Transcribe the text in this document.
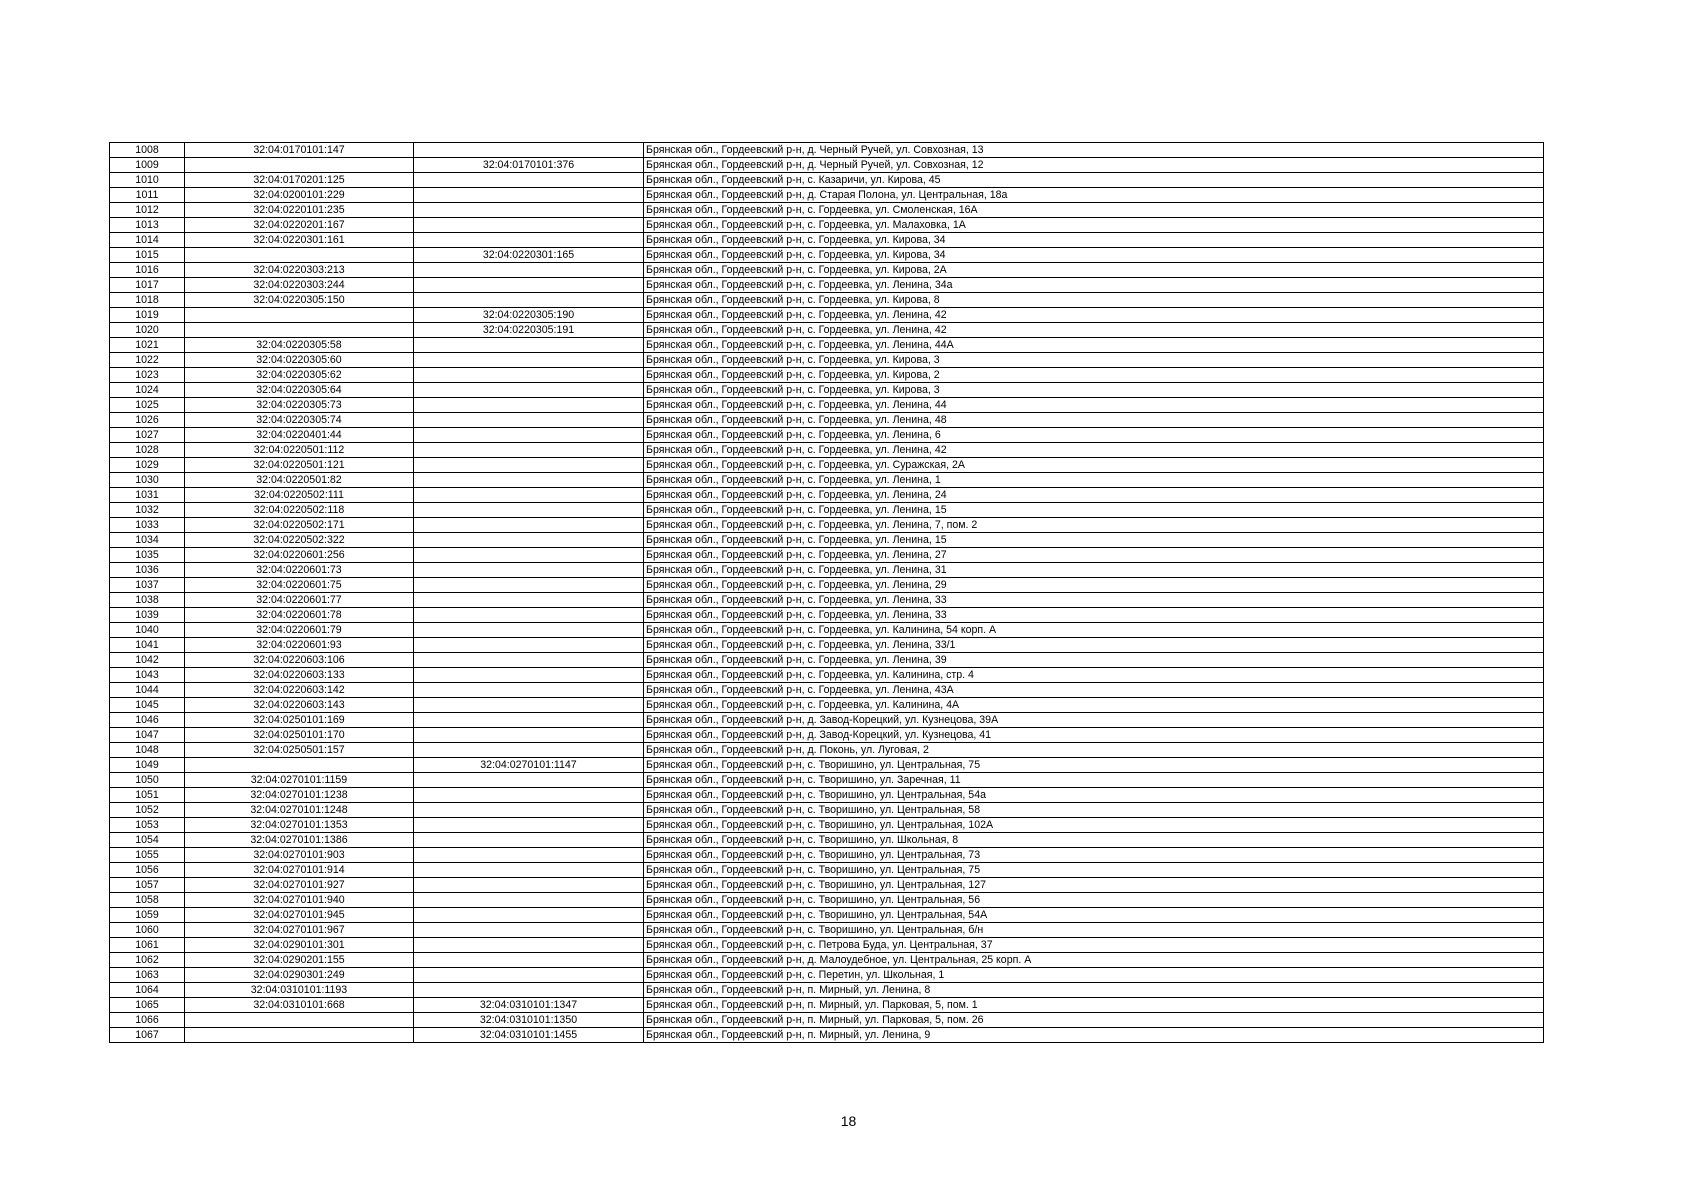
1008	32:04:0170101:147		Брянская обл., Гордеевский р-н, д. Черный Ручей, ул. Совхозная, 13
1009		32:04:0170101:376	Брянская обл., Гордеевский р-н, д. Черный Ручей, ул. Совхозная, 12
1010	32:04:0170201:125		Брянская обл., Гордеевский р-н, с. Казаричи, ул. Кирова, 45
1011	32:04:0200101:229		Брянская обл., Гордеевский р-н, д. Старая Полона, ул. Центральная, 18а
1012	32:04:0220101:235		Брянская обл., Гордеевский р-н, с. Гордеевка, ул. Смоленская, 16А
1013	32:04:0220201:167		Брянская обл., Гордеевский р-н, с. Гордеевка, ул. Малаховка, 1А
1014	32:04:0220301:161		Брянская обл., Гордеевский р-н, с. Гордеевка, ул. Кирова, 34
1015		32:04:0220301:165	Брянская обл., Гордеевский р-н, с. Гордеевка, ул. Кирова, 34
1016	32:04:0220303:213		Брянская обл., Гордеевский р-н, с. Гордеевка, ул. Кирова, 2А
1017	32:04:0220303:244		Брянская обл., Гордеевский р-н, с. Гордеевка, ул. Ленина, 34а
1018	32:04:0220305:150		Брянская обл., Гордеевский р-н, с. Гордеевка, ул. Кирова, 8
1019		32:04:0220305:190	Брянская обл., Гордеевский р-н, с. Гордеевка, ул. Ленина, 42
1020		32:04:0220305:191	Брянская обл., Гордеевский р-н, с. Гордеевка, ул. Ленина, 42
1021	32:04:0220305:58		Брянская обл., Гордеевский р-н, с. Гордеевка, ул. Ленина, 44А
1022	32:04:0220305:60		Брянская обл., Гордеевский р-н, с. Гордеевка, ул. Кирова, 3
1023	32:04:0220305:62		Брянская обл., Гордеевский р-н, с. Гордеевка, ул. Кирова, 2
1024	32:04:0220305:64		Брянская обл., Гордеевский р-н, с. Гордеевка, ул. Кирова, 3
1025	32:04:0220305:73		Брянская обл., Гордеевский р-н, с. Гордеевка, ул. Ленина, 44
1026	32:04:0220305:74		Брянская обл., Гордеевский р-н, с. Гордеевка, ул. Ленина, 48
1027	32:04:0220401:44		Брянская обл., Гордеевский р-н, с. Гордеевка, ул. Ленина, 6
1028	32:04:0220501:112		Брянская обл., Гордеевский р-н, с. Гордеевка, ул. Ленина, 42
1029	32:04:0220501:121		Брянская обл., Гордеевский р-н, с. Гордеевка, ул. Суражская, 2А
1030	32:04:0220501:82		Брянская обл., Гордеевский р-н, с. Гордеевка, ул. Ленина, 1
1031	32:04:0220502:111		Брянская обл., Гордеевский р-н, с. Гордеевка, ул. Ленина, 24
1032	32:04:0220502:118		Брянская обл., Гордеевский р-н, с. Гордеевка, ул. Ленина, 15
1033	32:04:0220502:171		Брянская обл., Гордеевский р-н, с. Гордеевка, ул. Ленина, 7, пом. 2
1034	32:04:0220502:322		Брянская обл., Гордеевский р-н, с. Гордеевка, ул. Ленина, 15
1035	32:04:0220601:256		Брянская обл., Гордеевский р-н, с. Гордеевка, ул. Ленина, 27
1036	32:04:0220601:73		Брянская обл., Гордеевский р-н, с. Гордеевка, ул. Ленина, 31
1037	32:04:0220601:75		Брянская обл., Гордеевский р-н, с. Гордеевка, ул. Ленина, 29
1038	32:04:0220601:77		Брянская обл., Гордеевский р-н, с. Гордеевка, ул. Ленина, 33
1039	32:04:0220601:78		Брянская обл., Гордеевский р-н, с. Гордеевка, ул. Ленина, 33
1040	32:04:0220601:79		Брянская обл., Гордеевский р-н, с. Гордеевка, ул. Калинина, 54 корп. А
1041	32:04:0220601:93		Брянская обл., Гордеевский р-н, с. Гордеевка, ул. Ленина, 33/1
1042	32:04:0220603:106		Брянская обл., Гордеевский р-н, с. Гордеевка, ул. Ленина, 39
1043	32:04:0220603:133		Брянская обл., Гордеевский р-н, с. Гордеевка, ул. Калинина, стр. 4
1044	32:04:0220603:142		Брянская обл., Гордеевский р-н, с. Гордеевка, ул. Ленина, 43А
1045	32:04:0220603:143		Брянская обл., Гордеевский р-н, с. Гордеевка, ул. Калинина, 4А
1046	32:04:0250101:169		Брянская обл., Гордеевский р-н, д. Завод-Корецкий, ул. Кузнецова, 39А
1047	32:04:0250101:170		Брянская обл., Гордеевский р-н, д. Завод-Корецкий, ул. Кузнецова, 41
1048	32:04:0250501:157		Брянская обл., Гордеевский р-н, д. Поконь, ул. Луговая, 2
1049		32:04:0270101:1147	Брянская обл., Гордеевский р-н, с. Творишино, ул. Центральная, 75
1050	32:04:0270101:1159		Брянская обл., Гордеевский р-н, с. Творишино, ул. Заречная, 11
1051	32:04:0270101:1238		Брянская обл., Гордеевский р-н, с. Творишино, ул. Центральная, 54а
1052	32:04:0270101:1248		Брянская обл., Гордеевский р-н, с. Творишино, ул. Центральная, 58
1053	32:04:0270101:1353		Брянская обл., Гордеевский р-н, с. Творишино, ул. Центральная, 102А
1054	32:04:0270101:1386		Брянская обл., Гордеевский р-н, с. Творишино, ул. Школьная, 8
1055	32:04:0270101:903		Брянская обл., Гордеевский р-н, с. Творишино, ул. Центральная, 73
1056	32:04:0270101:914		Брянская обл., Гордеевский р-н, с. Творишино, ул. Центральная, 75
1057	32:04:0270101:927		Брянская обл., Гордеевский р-н, с. Творишино, ул. Центральная, 127
1058	32:04:0270101:940		Брянская обл., Гордеевский р-н, с. Творишино, ул. Центральная, 56
1059	32:04:0270101:945		Брянская обл., Гордеевский р-н, с. Творишино, ул. Центральная, 54А
1060	32:04:0270101:967		Брянская обл., Гордеевский р-н, с. Творишино, ул. Центральная, б/н
1061	32:04:0290101:301		Брянская обл., Гордеевский р-н, с. Петрова Буда, ул. Центральная, 37
1062	32:04:0290201:155		Брянская обл., Гордеевский р-н, д. Малоудебное, ул. Центральная, 25 корп. А
1063	32:04:0290301:249		Брянская обл., Гордеевский р-н, с. Перетин, ул. Школьная, 1
1064	32:04:0310101:1193		Брянская обл., Гордеевский р-н, п. Мирный, ул. Ленина, 8
1065	32:04:0310101:668	32:04:0310101:1347	Брянская обл., Гордеевский р-н, п. Мирный, ул. Парковая, 5, пом. 1
1066		32:04:0310101:1350	Брянская обл., Гордеевский р-н, п. Мирный, ул. Парковая, 5, пом. 26
1067		32:04:0310101:1455	Брянская обл., Гордеевский р-н, п. Мирный, ул. Ленина, 9
18
